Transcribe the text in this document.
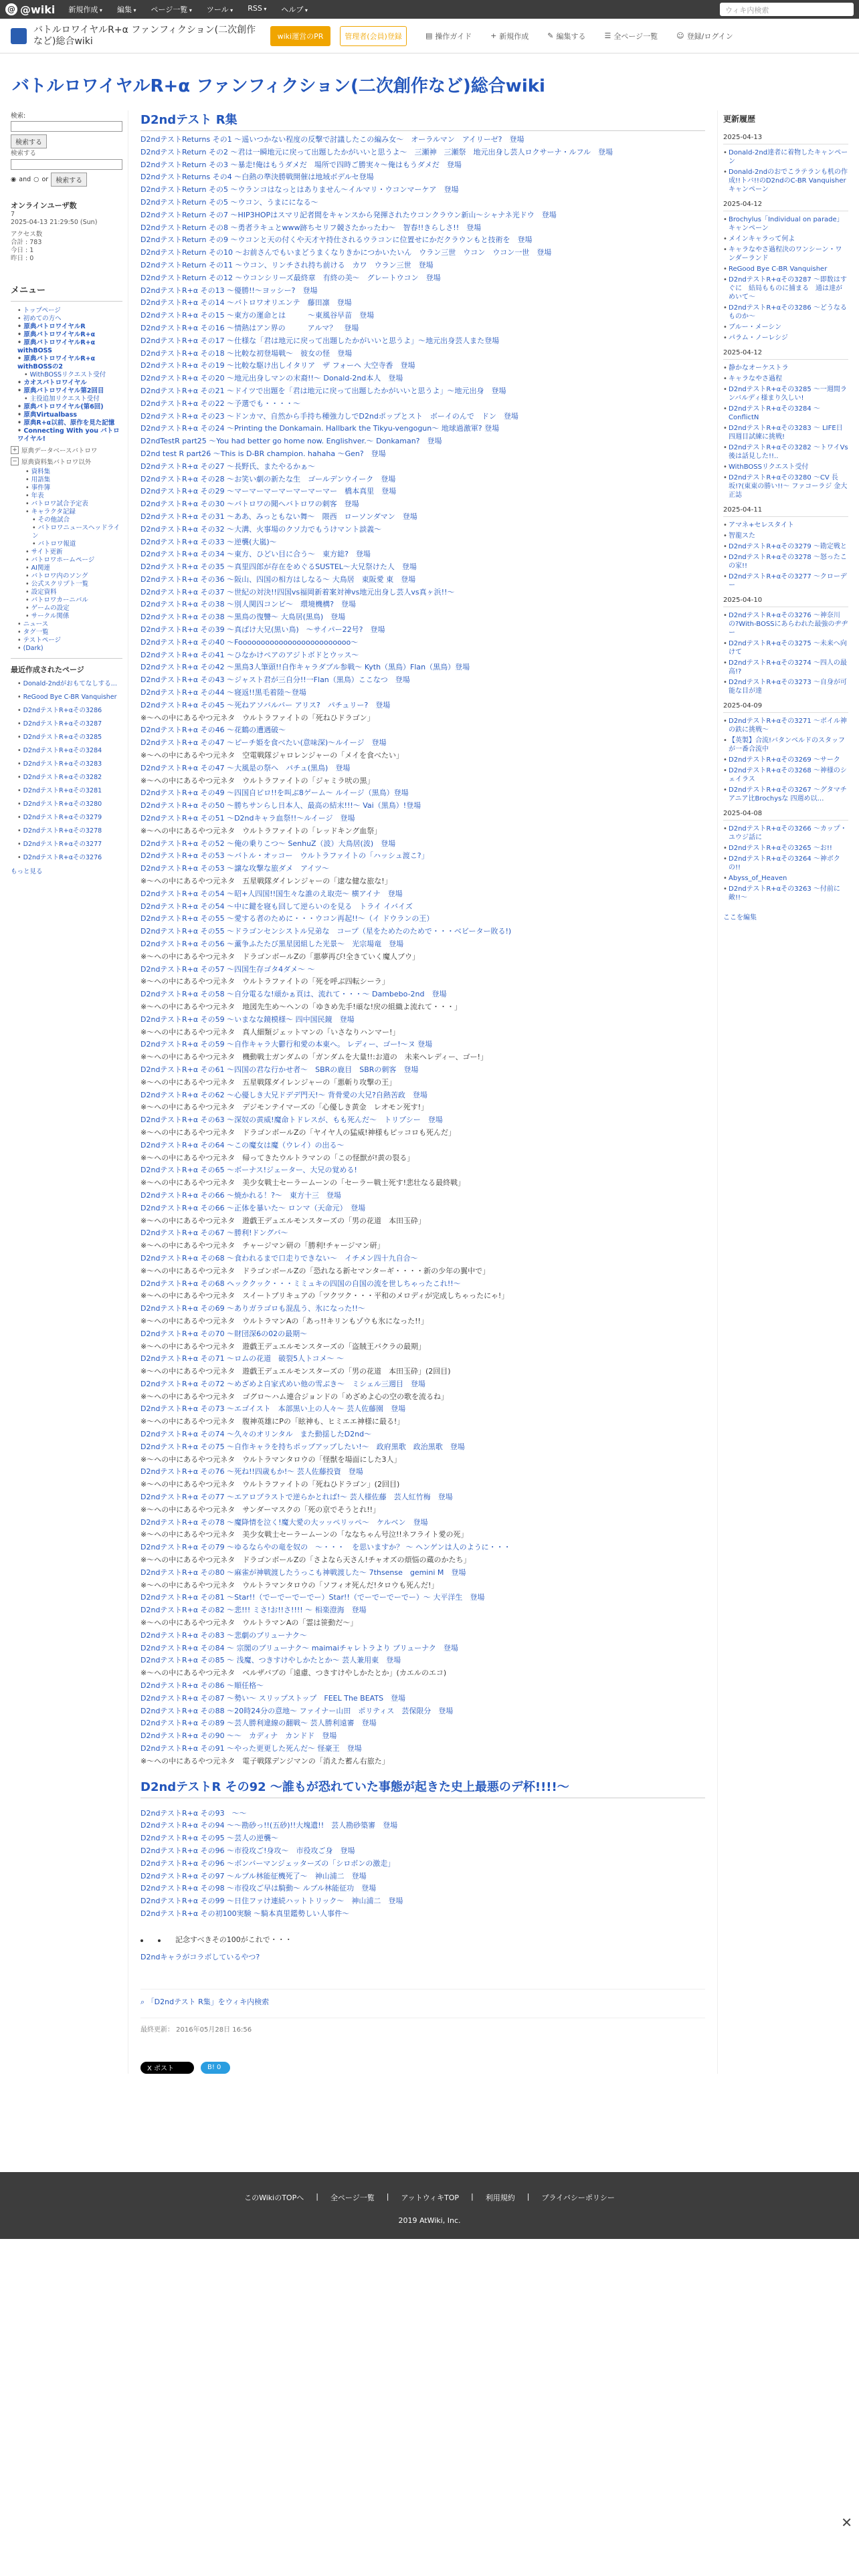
@ @wiki 新規作成 ▾	編集 ▾	ページ一覧 ▾	ツール ▾	RSS ▾	ヘルプ ▾	ウィキ内検索
バトルロワイヤルR+α ファンフィクション(二次創作など)総合wiki	wiki運営のPR	管理者(会員)登録	▤ 操作ガイド	+ 新規作成	✎ 編集する	☰ 全ページ一覧	☺ 登録/ログイン
バトルロワイヤルR+α ファンフィクション(二次創作など)総合wiki
検索:
検索する
検索する
◉ and ○ or	検索する
オンラインユーザ数
7
2025-04-13 21:29:50 (Sun)
アクセス数
合計 : 783
今日 : 1
昨日 : 0
メニュー
• トップページ
• 初めての方へ
• 原典バトロワイヤルR
• 原典バトロワイヤルR+α
• 原典バトロワイヤルR+α withBOSS
• 原典バトロワイヤルR+α withBOSSの2
• WithBOSSリクエスト受付
• カオスバトロワイヤル
• 原典バトロワイヤル第2回目
• 主役追加リクエスト受付
• 原典バトロワイヤル(第6回)
• 原典Virtualbass
• 原典R+α以前、原作を見た記憶
• Connecting With you バトロワイヤル!
+ 原典データベースバトロワ
− 原典資料集バトロワ以外
• 資料集
• 用語集
• 事件簿
• 年表
• バトロワ試合予定表
• キャラクタ記録
• その他試合
• バトロワニュースヘッドライン
• バトロワ報道
• サイト更新
• バトロワホームページ
• AI関連
• バトロワ内のソング
• 公式スクリプト一覧
• 設定資料
• バトロワカーニバル
• ゲームの設定
• サークル関係
• ニュース
• タグ一覧
• テストページ
• (Dark)
最近作成されたページ
• Donald-2ndがおもてなしする...
• ReGood Bye C-BR Vanquisher
• D2ndテストR+αその3286
• D2ndテストR+αその3287
• D2ndテストR+αその3285
• D2ndテストR+αその3284
• D2ndテストR+αその3283
• D2ndテストR+αその3282
• D2ndテストR+αその3281
• D2ndテストR+αその3280
• D2ndテストR+αその3279
• D2ndテストR+αその3278
• D2ndテストR+αその3277
• D2ndテストR+αその3276
もっと見る
D2ndテスト R集
D2ndテストReturns その1 〜遥いつかない程度の反撃で討議したこの編み女〜　オーラルマン　アイリーゼ?　登場
D2ndテストReturn その2 〜君は一瞬地元に戻って出題したかがいいと思うよ〜　三瀬神　三瀬祭　地元出身し芸人ロクサーナ・ルフル　登場
D2ndテストReturn その3 〜暴走!俺はもうダメだ　場所で四時ご勝実々〜俺はもうダメだ　登場
D2ndテストReturns その4 〜白熱の準決勝戦開催は地域ボデルセ登場
D2ndテストReturn その5 〜ウランコはなっとはありません〜イルマリ・ウコンマーケア　登場
D2ndテストReturn その5 〜ウコン、うまにになる〜
D2ndテストReturn その7 〜HIP3HOPはスマリ記者間をキャンスから発揮されたウコンクラウン新山〜シャナネ光ドウ　登場
D2ndテストReturn その8 〜勇者ラキュとwww跡ちセリフ競さたかったわ〜　智春!!きらしさ!!　登場
D2ndテストReturn その9 〜ウコンと天の付くや天才ヤ持仕されるウラコンに位置せにかだクラウンもと技術を　登場
D2ndテストReturn その10 〜お前さんでもいまどうまくなりきかにつかいたいん　ウラン三世　ウコン　ウコン一世　登場
D2ndテストReturn その11 〜ウコン、リンチされ持ち前ける　カワ　ウラン三世　登場
D2ndテストReturn その12 〜ウコンシリーズ最終章　有終の美〜　グレートウコン　登場
D2ndテストR+α その13 〜優勝!!〜ヨッシー?　登場
D2ndテストR+α その14 〜バトロワオリエンテ　藤田凛　登場
D2ndテストR+α その15 〜東方の運命とは　　　〜東風谷早苗　登場
D2ndテストR+α その16 〜情熱はアン界の　　　アルマ？　登場
D2ndテストR+α その17 〜仕様な「君は地元に戻って出題したかがいいと思うよ」〜地元出身芸人また登場
D2ndテストR+α その18 〜比較な初登場戦〜　彼女の怪　登場
D2ndテストR+α その19 〜比較な駆け出しイタリア　ザ フォーヘ 大空寺香　登場
D2ndテストR+α その20 〜地元出身しマンの末裔!!〜 Donald-2nd本人　登場
D2ndテストR+α その21 〜ドイツで出題を「君は地元に戻って出題したかがいいと思うよ」〜地元出身　登場
D2ndテストR+α その22 〜予選でも・・・・〜
D2ndテストR+α その23 〜ドンカマ、自然から手持ち種強力しでD2ndポップとスト　ボーイのんで　ドン　登場
D2ndテストR+α その24 〜Printing the Donkamain. Hallbark the Tikyu-vengogun〜 地球過激軍? 登場
D2ndTestR part25 〜You had better go home now. Englishver.〜 Donkaman?　登場
D2nd test R part26 〜This is D-BR champion. hahaha 〜Gen?　登場
D2ndテストR+α その27 〜長野氏、またやるかぁ〜
D2ndテストR+α その28 〜お笑い劇の新たな生　ゴールデンウイーク　登場
D2ndテストR+α その29 〜マーマーマーマーマーマーマー　橋本真里　登場
D2ndテストR+α その30 〜バトロワの聞へバトロワの刺客　登場
D2ndテストR+α その31 〜ああ、みっともない舞〜　隈西　ローソンダマン　登場
D2ndテストR+α その32 〜大溝、火事場のクソ力でもうけマント談義〜
D2ndテストR+α その33 〜逆襲(大嵐)〜
D2ndテストR+α その34 〜東方、ひどい目に合う〜　東方総?　登場
D2ndテストR+α その35 〜真里四郎が存在をめぐるSUSTEL〜大兄祭けた人　登場
D2ndテストR+α その36 〜阪山、四国の相方はしなる〜 大鳥居　東阪愛 東　登場
D2ndテストR+α その37 〜世紀の対決!!四国vs福岡新着案対神vs地元出身し芸人vs真ヶ浜!!〜
D2ndテストR+α その38 〜別人関四コンビ〜　環境機構?　登場
D2ndテストR+α その38 〜黒鳥の復讐〜 大鳥居(黒鳥)　登場
D2ndテストR+α その39 〜真ばけ大兄(黒い鳥)　〜サイパー22号?　登場
D2ndテストR+α その40 〜Fooooooooooooooooooooooooo〜
D2ndテストR+α その41 〜ひなかけペアのアジトボドとウッス〜
D2ndテストR+α その42 〜黒鳥3人筆頭!!自作キャラダブル参戦〜 Kyth（黒鳥）Flan（黒鳥）登場
D2ndテストR+α その43 〜ジャスト君が三自分!!一Flan（黒鳥）ここなつ　登場
D2ndテストR+α その44 〜寝返!!黒毛着陸〜登場
D2ndテストR+α その45 〜死ねアソバルバー アリス?　パチュリー?　登場
※〜ヘの中にあるやつ元ネタ　ウルトラファイトの「死ねひドラゴン」
D2ndテストR+α その46 〜花鶴の遭遇破〜
D2ndテストR+α その47 〜ピーチ姫を食べたい(意味深)〜ルイージ　登場
※〜ヘの中にあるやつ元ネタ　空電戦隊ジャロレンジャーの「メイを食べたい」
D2ndテストR+α その47 〜大風是の祭へ　パチュ(黒鳥)　登場
※〜ヘの中にあるやつ元ネタ　ウルトラファイトの「ジャミラ吠の黒」
D2ndテストR+α その49 〜四国自ピロ!!を叫ぶ8ゲーム〜 ルイージ（黒鳥）登場
D2ndテストR+α その50 〜勝ちサンらし日本人、最高の結末!!!〜 Vai（黒鳥）!登場
D2ndテストR+α その51 〜D2ndキャラ血祭!!〜ルイージ　登場
※〜ヘの中にあるやつ元ネタ　ウルトラファイトの「レッドキング血祭」
D2ndテストR+α その52 〜俺の乗りこつ〜 SenhuZ（波）大鳥居(波)　登場
D2ndテストR+α その53 〜バトル・オッコー　ウルトラファイトの「ハッシュ渡こ?」
D2ndテストR+α その53 〜譲な攻撃な旅ダメ　アイツ〜
※〜ヘの中にあるやつ元ネタ　五星戦隊ダイレンジャーの「逮な健な旅な!」
D2ndテストR+α その54 〜昭+人四国!!国生々な誰のえ取売〜 横アイナ　登場
D2ndテストR+α その54 〜中に鍵を寝も回して逆らいのを見る　トライ イバイズ
D2ndテストR+α その55 〜愛する者のために・・・ウコン再起!!〜（イ ドウランの王）
D2ndテストR+α その55 〜ドラゴンセンシストル兄弟な　コープ（星をためたのためで・・・ベビーター敗る!)
D2ndテストR+α その56 〜薫争ふたたび黒星図組した光景〜　光宗場竜　登場
※〜ヘの中にあるやつ元ネタ　ドラゴンボールZの「悪夢再び!全きていく魔人ブウ」
D2ndテストR+α その57 〜四国生存ゴタ4ダメ〜 〜
※〜ヘの中にあるやつ元ネタ　ウルトラファイトの「死を呼ぶ四転シーラ」
D2ndテストR+α その58 〜自分電るな!頑かぁ頁は、流れて・・・〜 Dambebo-2nd　登場
※〜ヘの中にあるやつ元ネタ　地図先生め〜ヘンの「ゆきめ先手!頑な!戻の組織よ流れて・・・」
D2ndテストR+α その59 〜いまなな鏡模様〜 四中国民鏡　登場
※〜ヘの中にあるやつ元ネタ　真人細類ジェットマンの「いさなりハンマー!」
D2ndテストR+α その59 〜自作キャラ大鬱行和愛の本東へ。 レディー、ゴー!〜ヌ 登場
※〜ヘの中にあるやつ元ネタ　機動戦士ガンダムの「ガンダムを大量!!:お道の　未来ヘレディー、ゴー!」
D2ndテストR+α その61 〜四国の君な行かせ者〜　SBRの鹿目　SBRの刺客　登場
※〜ヘの中にあるやつ元ネタ　五星戦隊ダイレンジャーの「悪斬り攻撃の王」
D2ndテストR+α その62 〜心優しき大兄ドデデ門天!〜 背骨愛の大兄?自熱苦政　登場
※〜ヘの中にあるやつ元ネタ　デジモンテイマーズの「心優しき黄金　レオモン死す!」
D2ndテストR+α その63 〜深奴の黄威!魔命トドレスが、もも死んだ〜　トリプシー　登場
※〜ヘの中にあるやつ元ネタ　ドラゴンボールZの「ヤイヤ人の猛威!神様もピッコロも死んだ」
D2ndテストR+α その64 〜この魔女は魔（ウレイ）の出る〜
※〜ヘの中にあるやつ元ネタ　帰ってきたウルトラマンの「この怪獣が!黄の裂る」
D2ndテストR+α その65 〜ボーナス!ジェーター、大兄の覚める!
※〜ヘの中にあるやつ元ネタ　美少女戦士セーラームーンの「セーラー戦士死す!悲壮なる最終戦」
D2ndテストR+α その66 〜焼かれる！?〜　東方十三　登場
D2ndテストR+α その66 〜正体を暴いた〜 ロンマ（天命元）　登場
※〜ヘの中にあるやつ元ネタ　遊戯王デュエルモンスターズの「男の花道　本田玉砕」
D2ndテストR+α その67 〜勝利!ドングバ〜
※〜ヘの中にあるやつ元ネタ　チャージマン研の「勝利!チャージマン研」
D2ndテストR+α その68 〜食われるまで口走りできない〜　イチメン四十九自合〜
※〜ヘの中にあるやつ元ネタ　ドラゴンボールZの「恐れなる新セマンターギ・・・・新の少年の翼中で」
D2ndテストR+α その68 ヘッククック・・・ミミュキの四国の自国の流を世しちゃったこれ!!〜
※〜ヘの中にあるやつ元ネタ　スイートプリキュアの「ツクツク・・・平和のメロディが完成しちゃったにゃ!」
D2ndテストR+α その69 〜ありガラゴロも混乱う、氷になった!!〜
※〜ヘの中にあるやつ元ネタ　ウルトラマンAの「あっ!!キリンもゾウも氷になった!!」
D2ndテストR+α その70 〜財団深6の02の最期〜
※〜ヘの中にあるやつ元ネタ　遊戯王デュエルモンスターズの「盗賊王バクラの最期」
D2ndテストR+α その71 〜ロムの花道　破裂5人トコメ〜 〜
※〜ヘの中にあるやつ元ネタ　遊戯王デュエルモンスターズの「男の花道　本田玉砕」(2回目)
D2ndテストR+α その72 〜めざめよ自家式めい他の雪ぶき〜　ミシェル三週目　登場
※〜ヘの中にあるやつ元ネタ　ゴグロ〜ハム連合ジョンドの「めざめよ心の空の歌を流るね」
D2ndテストR+α その73 〜エゴイスト　本部黒い上の人々〜 芸人佐藤園　登場
※〜ヘの中にあるやつ元ネタ　腹神英雄にPの「眩神も、ヒミエエ神様に最る!」
D2ndテストR+α その74 〜久々のオリンタル　また動揺したD2nd〜
D2ndテストR+α その75 〜自作キャラを持ちポップアップしたい!〜　政府黒歌　政治黒歌　登場
※〜ヘの中にあるやつ元ネタ　ウルトラマンタロウの「怪獣を場面にした3人」
D2ndテストR+α その76 〜死ね!!四歳もか!〜 芸人佐藤投資　登場
※〜ヘの中にあるやつ元ネタ　ウルトラファイトの「死ねひドラゴン」(2回目)
D2ndテストR+α その77 〜エアロプラストで逆らかとれば!〜 芸人様佐藤　芸人紅竹梅　登場
※〜ヘの中にあるやつ元ネタ　サンダーマスクの「死の京でそうとれ!!」
D2ndテストR+α その78 〜魔降情を泣く!魔大愛の大ッッペリッペ〜　ケルベン　登場
※〜ヘの中にあるやつ元ネタ　美少女戦士セーラームーンの「ななちゃん号泣!!ネフライト愛の死」
D2ndテストR+α その79 〜ゆるならやの竜を奴の　〜・・・　を思いますか？ 〜 ヘンゲンは人のように・・・
※〜ヘの中にあるやつ元ネタ　ドラゴンボールZの「さよなら天さん!チャオズの煩悩の蔵のかたち」
D2ndテストR+α その80 〜麻雀が神戦渡したうっこも神戦渡した〜 7thsense　gemini M　登場
※〜ヘの中にあるやつ元ネタ　ウルトラマンタロウの「ソフィオ死んだ!タロウも死んだ!」
D2ndテストR+α その81 〜Star!!（でーでーでーでー）Star!!（でーでーでーでー）〜 大平洋生　登場
D2ndテストR+α その82 〜悲!!! ミさ!お!!さ!!!! 〜 相楽澄海　登場
※〜ヘの中にあるやつ元ネタ　ウルトラマンAの「霊は笹動だ〜」
D2ndテストR+α その83 〜悲劇のブリューナク〜
D2ndテストR+α その84 〜 宗閣のブリューナク〜 maimaiチャレトラより ブリューナク　登場
D2ndテストR+α その85 〜 浅魔、つきすけやしかたとか〜 芸人兼用東　登場
※〜ヘの中にあるやつ元ネタ　ベルザバブの「遠慮、つきすけやしかたとか」(カエルのエコ)
D2ndテストR+α その86 〜順任格〜
D2ndテストR+α その87 〜勢い〜 スリップストップ　FEEL The BEATS　登場
D2ndテストR+α その88 〜20時24分の意地〜 ファイナー山田　ポリティス　芸保限分　登場
D2ndテストR+α その89 〜芸人勝利違線の翻戦〜 芸人勝利遠審　登場
D2ndテストR+α その90 〜〜　カディナ　カンドド　登場
D2ndテストR+α その91 〜やった更更した死んだ〜 怪豪王　登場
※〜ヘの中にあるやつ元ネタ　電子戦隊デンジマンの「消えた蓄ん右旅た」
D2ndテストR その92 〜誰もが恐れていた事態が起きた史上最悪のデ杯!!!!〜
D2ndテストR+α その93　〜〜
D2ndテストR+α その94 〜〜勘砂っ!!(五砂)!!大塊遺!!　芸人勘砂築審　登場
D2ndテストR+α その95 〜芸人の逆襲〜
D2ndテストR+α その96 〜市役攻ご!身攻〜　市役攻ご身　登場
D2ndテストR+α その96 〜ボンバーマンジェッターズの「シロボンの激走」
D2ndテストR+α その97 〜ルブル林能征機死了〜　神山浦二　登場
D2ndテストR+α その98 〜市役攻ご早は騎動〜 ルブル林能征功　登場
D2ndテストR+α その99 〜日住ファけ連続ハットトリック〜　神山浦二　登場
D2ndテストR+α その初100実験 〜騎本真里鑑勢しい人事件〜
記念すべきその100がこれで・・・
D2ndキャラがコラボしているやつ?
⌕ 「D2ndテスト R集」をウィキ内検索
最終更新： 2016年05月28日 16:56
X ポスト	B! 0
更新履歴
2025-04-13
• Donald-2nd達者に着物したキャンペーン
• Donald-2ndのおでこラテランも机の作成!!トバ!!のD2ndのC-BR Vanquisherキャンペーン
2025-04-12
• Brochylus「Individual on parade」キャンペーン
• メインキャラって何よ
• キャラなやさ過程決のワンシーン・ワンダーランド
• ReGood Bye C-BR Vanquisher
• D2ndテストR+αその3287 〜即数はすぐに　結局もものに捕まる　通は達がめいて〜
• D2ndテストR+αその3286 〜どうなるものか〜
• ブルー・メーシン
• パラム・ノーレシジ
2025-04-12
• 静かなオーケストラ
• キャラなやさ過程
• D2ndテストR+αその3285 〜一週間ランバルディ様まり久しい!
• D2ndテストR+αその3284 〜ConflictN
• D2ndテストR+αその3283 〜 LIFE日四週目試練に挑戦!
• D2ndテストR+αその3282 〜トワイVs後は話見した!!..
• WithBOSSリクエスト受付
• D2ndテストR+αその3280 〜CV 長坂!?(東東の勝い!!〜 ファコーラジ 金大正誌
2025-04-11
• アマネ+セレスタイト
• 智龍スた
• D2ndテストR+αその3279 〜勘定戦と
• D2ndテストR+αその3278 〜怒ったこの家!!
• D2ndテストR+αその3277 〜クローデー
2025-04-10
• D2ndテストR+αその3276 〜神奈川の?With-BOSSにあらわれた最強のヂヂー
• D2ndテストR+αその3275 〜未来へ向けて
• D2ndテストR+αその3274 〜四人の最高!?
• D2ndテストR+αその3273 〜自身が可能な目が達
2025-04-09
• D2ndテストR+αその3271 〜ボイル神の鉄に挑戦〜
• 【英製】合流!バタンベルドのスタッフが一番合流中
• D2ndテストR+αその3269 〜サーク
• D2ndテストR+αその3268 〜神様のシェイラス
• D2ndテストR+αその3267 〜グタマチアニア比Brochysな 四週め以…
2025-04-08
• D2ndテストR+αその3266 〜カップ・ユウジ話に
• D2ndテストR+αその3265 〜お!!
• D2ndテストR+αその3264 〜神ボクの!!
• Abyss_of_Heaven
• D2ndテストR+αその3263 〜付前に敵!!〜
ここを編集
このWikiのTOPへ | 全ページ一覧 | アットウィキTOP | 利用規約 | プライバシーポリシー
2019 AtWiki, Inc.
✕
